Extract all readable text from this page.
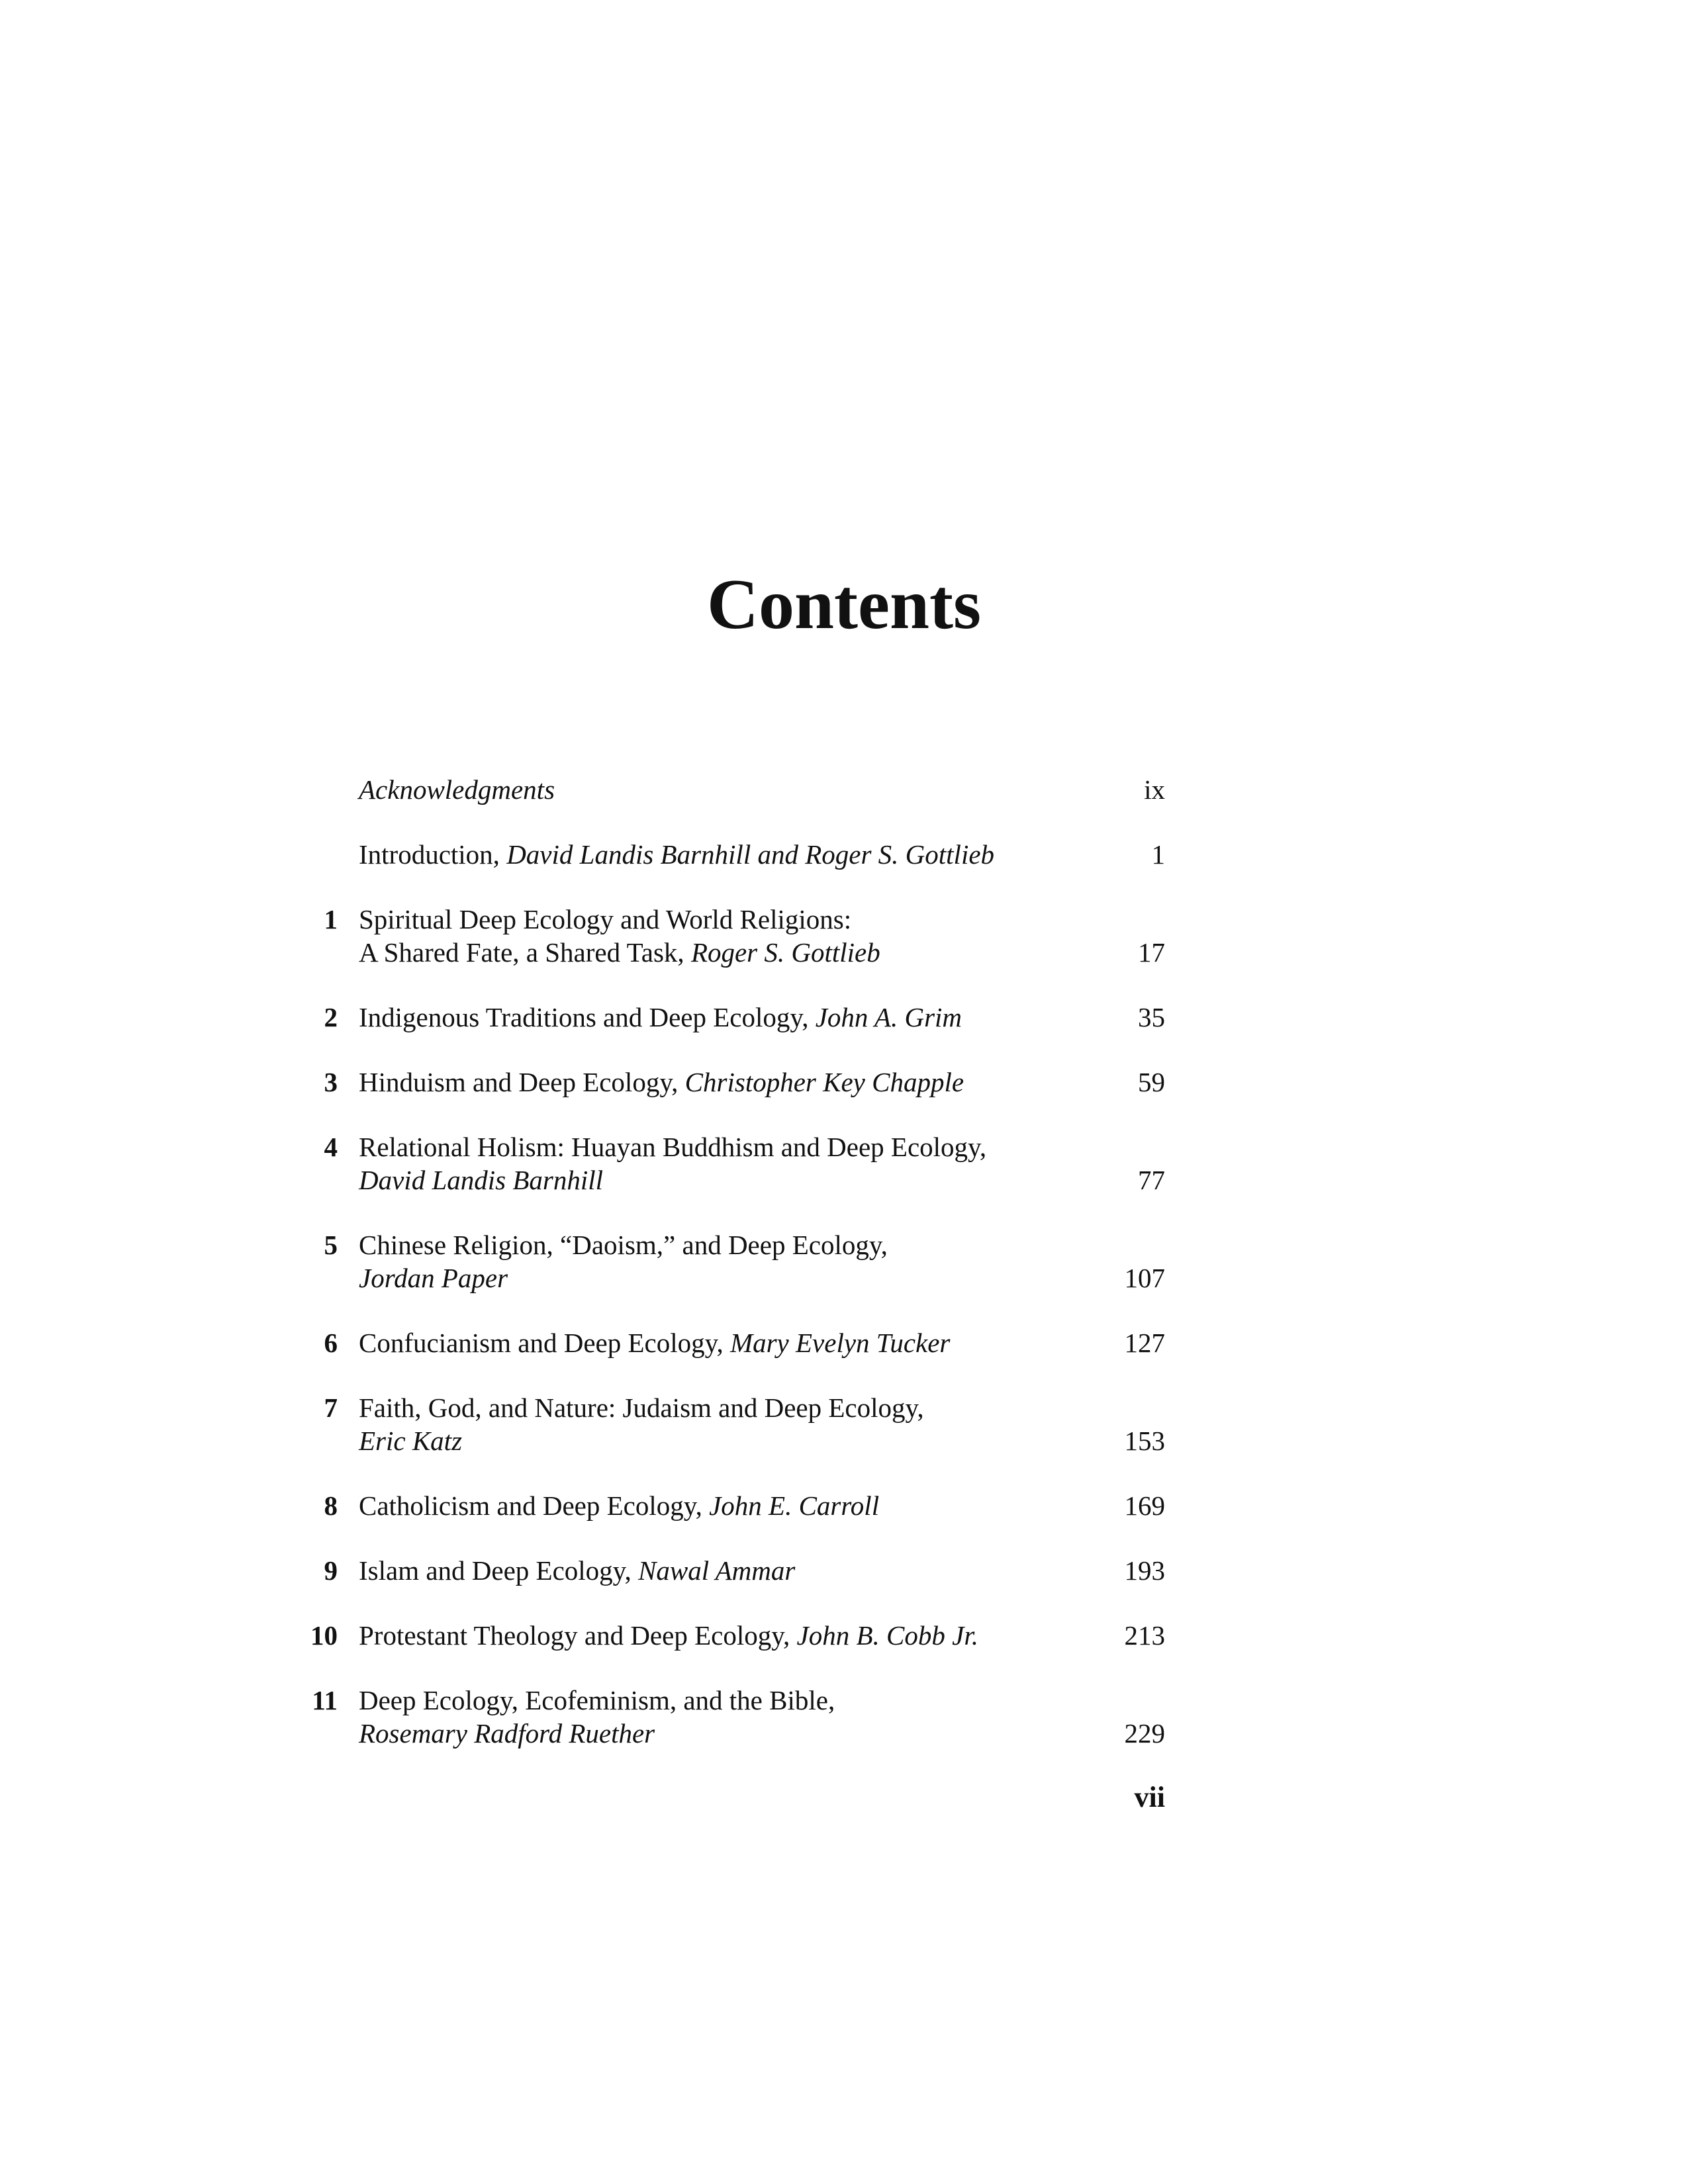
Contents
Acknowledgments	ix
Introduction, David Landis Barnhill and Roger S. Gottlieb	1
1 Spiritual Deep Ecology and World Religions:
A Shared Fate, a Shared Task, Roger S. Gottlieb	17
2 Indigenous Traditions and Deep Ecology, John A. Grim	35
3 Hinduism and Deep Ecology, Christopher Key Chapple	59
4 Relational Holism: Huayan Buddhism and Deep Ecology,
David Landis Barnhill	77
5 Chinese Religion, “Daoism,” and Deep Ecology,
Jordan Paper	107
6 Confucianism and Deep Ecology, Mary Evelyn Tucker	127
7 Faith, God, and Nature: Judaism and Deep Ecology,
Eric Katz	153
8 Catholicism and Deep Ecology, John E. Carroll	169
9 Islam and Deep Ecology, Nawal Ammar	193
10 Protestant Theology and Deep Ecology, John B. Cobb Jr.	213
11 Deep Ecology, Ecofeminism, and the Bible,
Rosemary Radford Ruether	229
vii
